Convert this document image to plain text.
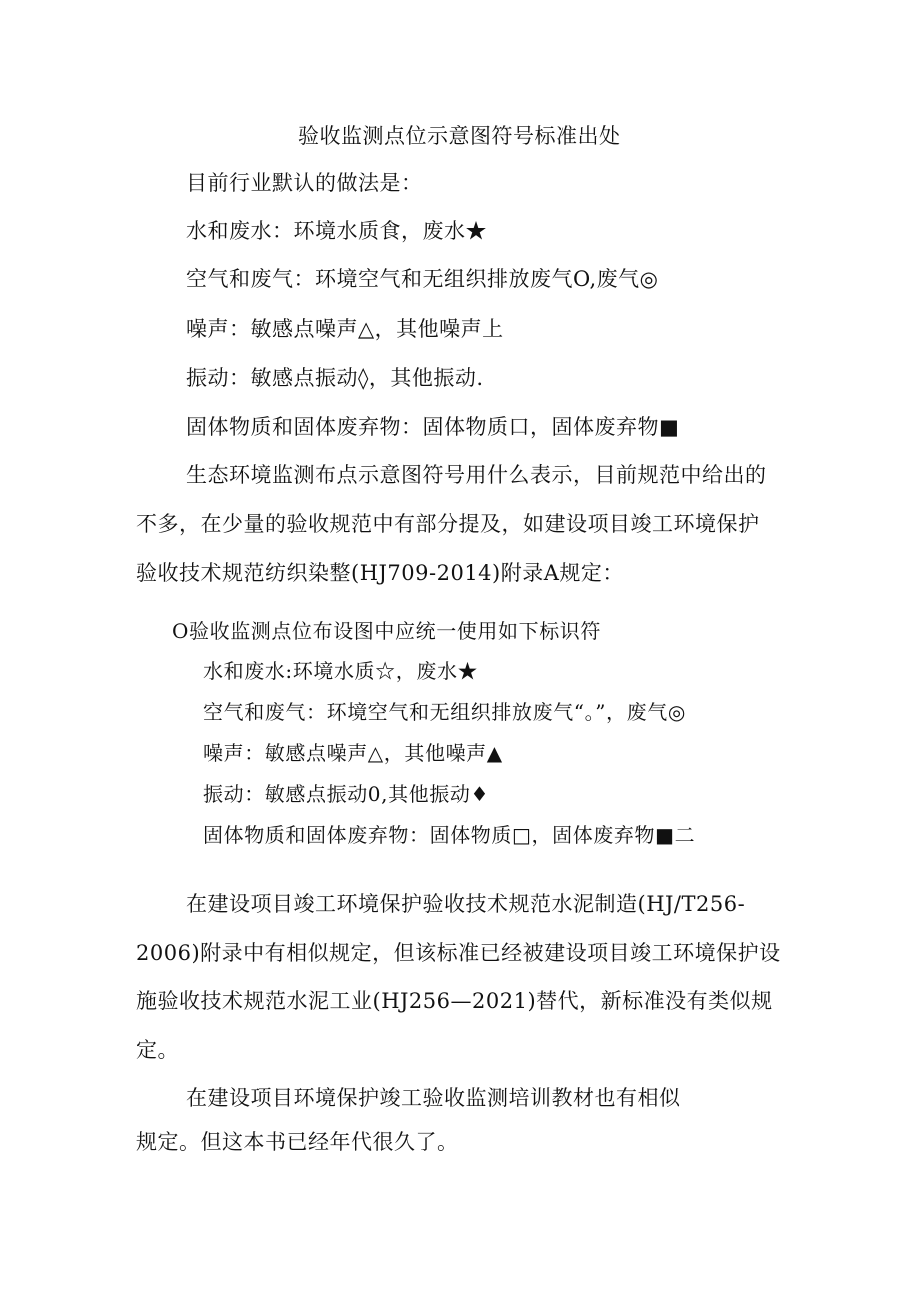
验收监测点位示意图符号标准出处
目前行业默认的做法是：
水和废水：环境水质食，废水★
空气和废气：环境空气和无组织排放废气O,废气◎
噪声：敏感点噪声△，其他噪声上
振动：敏感点振动◊，其他振动.
固体物质和固体废弃物：固体物质口，固体废弃物■
生态环境监测布点示意图符号用什么表示，目前规范中给出的
不多，在少量的验收规范中有部分提及，如建设项目竣工环境保护
验收技术规范纺织染整(HJ709-2014)附录A规定：
O验收监测点位布设图中应统一使用如下标识符
水和废水:环境水质☆，废水★
空气和废气：环境空气和无组织排放废气“。”，废气◎
噪声：敏感点噪声△，其他噪声▲
振动：敏感点振动0,其他振动♦
固体物质和固体废弃物：固体物质□，固体废弃物■二
在建设项目竣工环境保护验收技术规范水泥制造(HJ/T256-
2006)附录中有相似规定，但该标准已经被建设项目竣工环境保护设
施验收技术规范水泥工业(HJ256—2021)替代，新标准没有类似规
定。
在建设项目环境保护竣工验收监测培训教材也有相似
规定。但这本书已经年代很久了。
